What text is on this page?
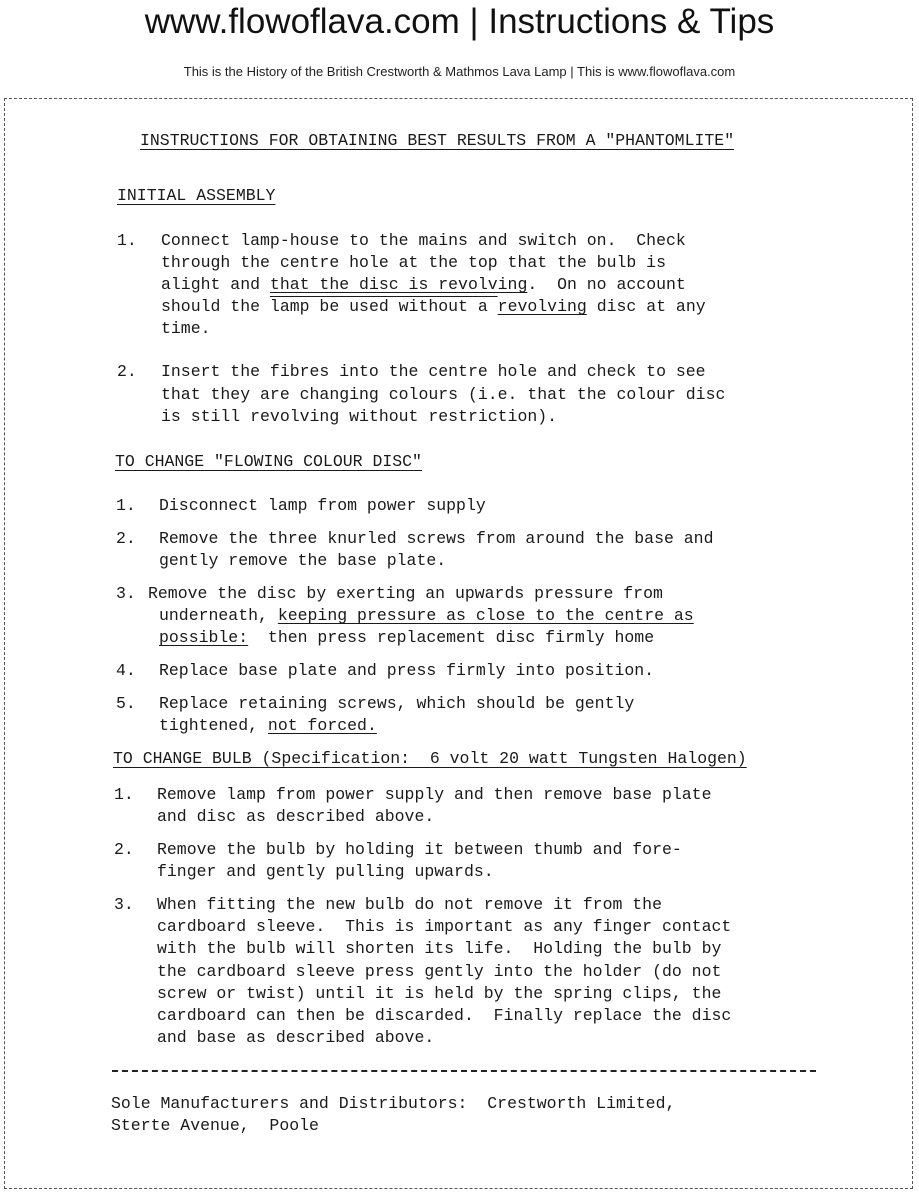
www.flowoflava.com | Instructions & Tips
This is the History of the British Crestworth & Mathmos Lava Lamp | This is www.flowoflava.com
INSTRUCTIONS FOR OBTAINING BEST RESULTS FROM A "PHANTOMLITE"
INITIAL ASSEMBLY
1. Connect lamp-house to the mains and switch on.  Check
through the centre hole at the top that the bulb is
alight and that the disc is revolving.  On no account
should the lamp be used without a revolving disc at any
time.
2. Insert the fibres into the centre hole and check to see
that they are changing colours (i.e. that the colour disc
is still revolving without restriction).
TO CHANGE "FLOWING COLOUR DISC"
1. Disconnect lamp from power supply
2. Remove the three knurled screws from around the base and
gently remove the base plate.
3. Remove the disc by exerting an upwards pressure from
underneath, keeping pressure as close to the centre as
possible:  then press replacement disc firmly home
4. Replace base plate and press firmly into position.
5. Replace retaining screws, which should be gently
tightened, not forced.
TO CHANGE BULB (Specification:  6 volt 20 watt Tungsten Halogen)
1. Remove lamp from power supply and then remove base plate
and disc as described above.
2. Remove the bulb by holding it between thumb and fore-
finger and gently pulling upwards.
3. When fitting the new bulb do not remove it from the
cardboard sleeve.  This is important as any finger contact
with the bulb will shorten its life.  Holding the bulb by
the cardboard sleeve press gently into the holder (do not
screw or twist) until it is held by the spring clips, the
cardboard can then be discarded.  Finally replace the disc
and base as described above.
Sole Manufacturers and Distributors:  Crestworth Limited,
Sterte Avenue,  Poole
